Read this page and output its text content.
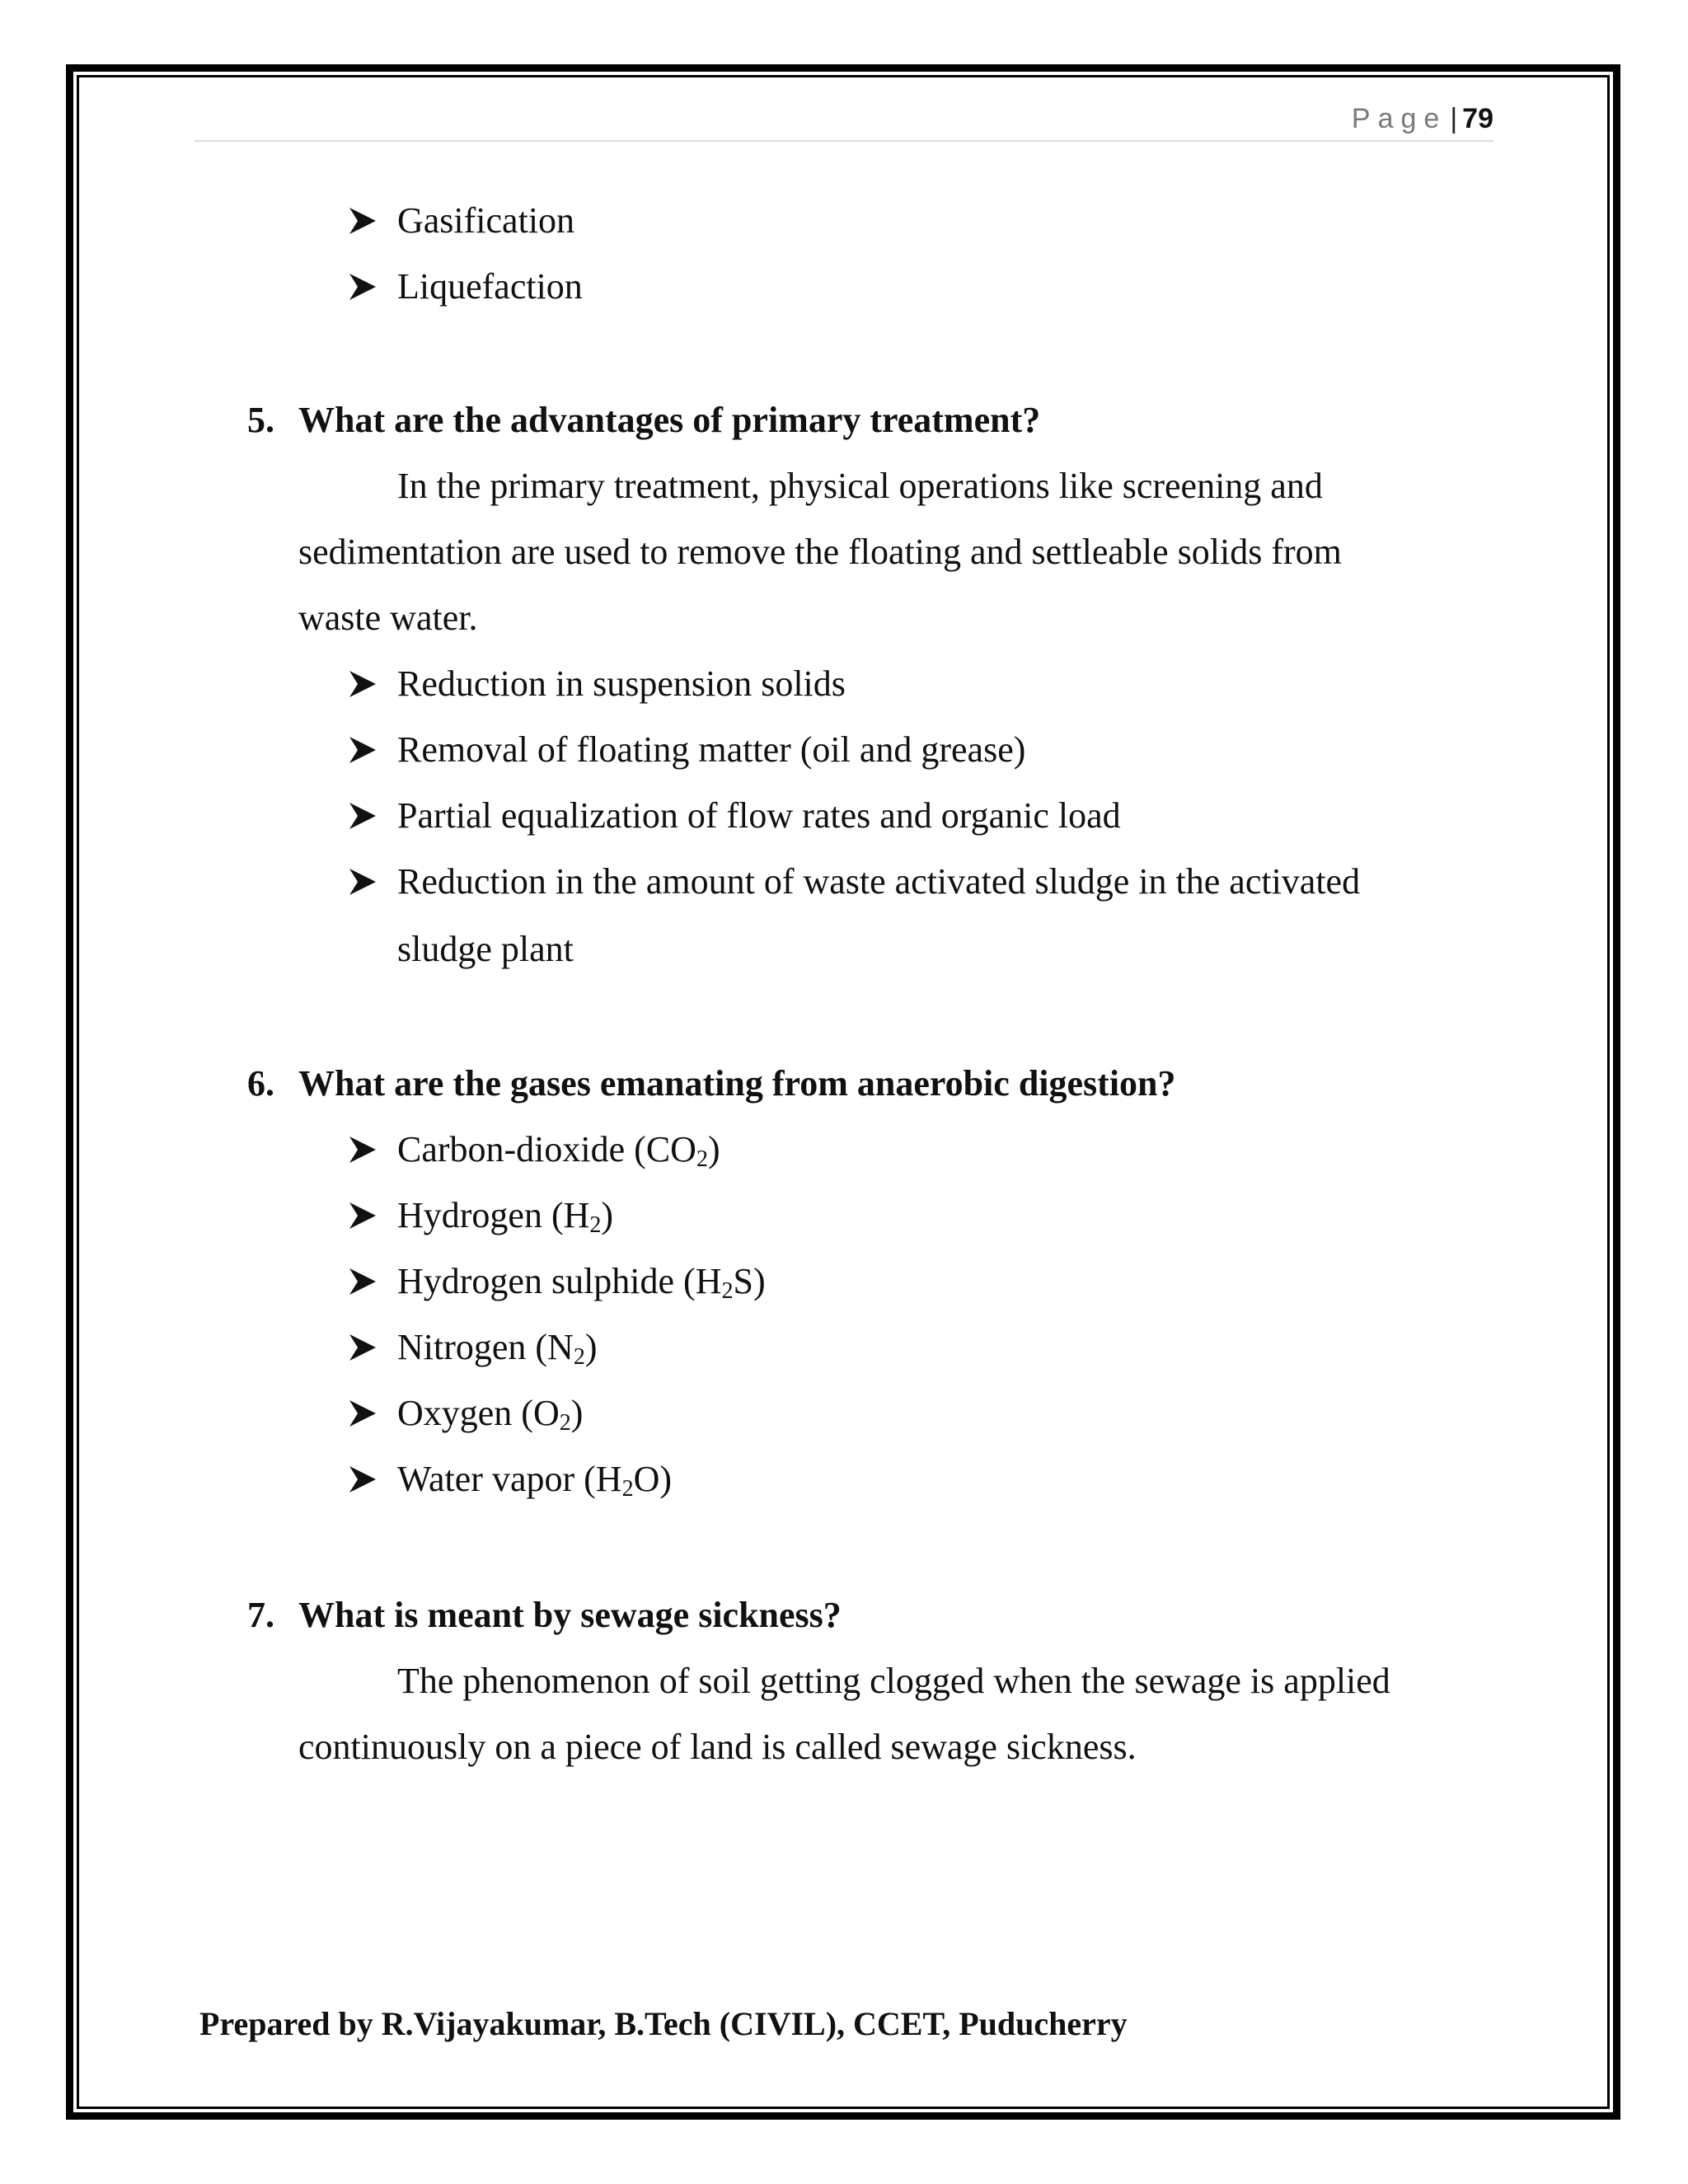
Page | 79
Gasification
Liquefaction
5. What are the advantages of primary treatment?
In the primary treatment, physical operations like screening and
sedimentation are used to remove the floating and settleable solids from
waste water.
Reduction in suspension solids
Removal of floating matter (oil and grease)
Partial equalization of flow rates and organic load
Reduction in the amount of waste activated sludge in the activated
sludge plant
6. What are the gases emanating from anaerobic digestion?
Carbon-dioxide $(CO_2)$
Hydrogen $(H_2)$
Hydrogen sulphide $(H_2S)$
Nitrogen $(N_2)$
Oxygen $(O_2)$
Water vapor $(H_2O)$
7. What is meant by sewage sickness?
The phenomenon of soil getting clogged when the sewage is applied
continuously on a piece of land is called sewage sickness.
Prepared by R.Vijayakumar, B.Tech (CIVIL), CCET, Puducherry
